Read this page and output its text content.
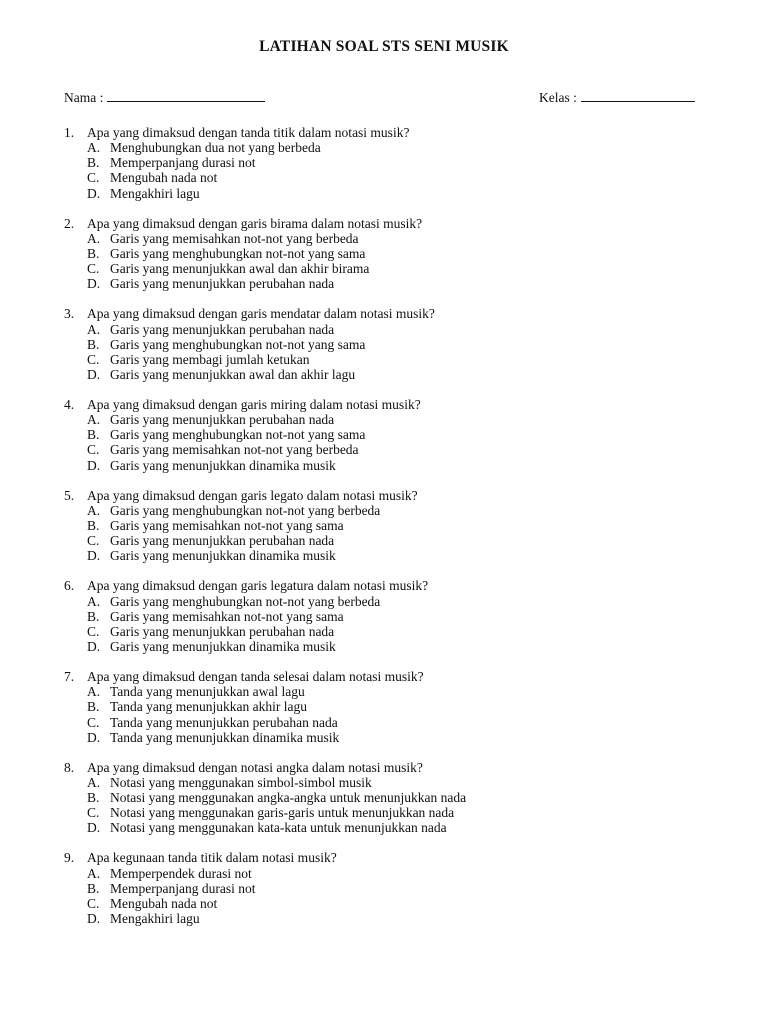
LATIHAN SOAL STS SENI MUSIK
Nama :	Kelas :
1. Apa yang dimaksud dengan tanda titik dalam notasi musik?
A. Menghubungkan dua not yang berbeda
B. Memperpanjang durasi not
C. Mengubah nada not
D. Mengakhiri lagu
2. Apa yang dimaksud dengan garis birama dalam notasi musik?
A. Garis yang memisahkan not-not yang berbeda
B. Garis yang menghubungkan not-not yang sama
C. Garis yang menunjukkan awal dan akhir birama
D. Garis yang menunjukkan perubahan nada
3. Apa yang dimaksud dengan garis mendatar dalam notasi musik?
A. Garis yang menunjukkan perubahan nada
B. Garis yang menghubungkan not-not yang sama
C. Garis yang membagi jumlah ketukan
D. Garis yang menunjukkan awal dan akhir lagu
4. Apa yang dimaksud dengan garis miring dalam notasi musik?
A. Garis yang menunjukkan perubahan nada
B. Garis yang menghubungkan not-not yang sama
C. Garis yang memisahkan not-not yang berbeda
D. Garis yang menunjukkan dinamika musik
5. Apa yang dimaksud dengan garis legato dalam notasi musik?
A. Garis yang menghubungkan not-not yang berbeda
B. Garis yang memisahkan not-not yang sama
C. Garis yang menunjukkan perubahan nada
D. Garis yang menunjukkan dinamika musik
6. Apa yang dimaksud dengan garis legatura dalam notasi musik?
A. Garis yang menghubungkan not-not yang berbeda
B. Garis yang memisahkan not-not yang sama
C. Garis yang menunjukkan perubahan nada
D. Garis yang menunjukkan dinamika musik
7. Apa yang dimaksud dengan tanda selesai dalam notasi musik?
A. Tanda yang menunjukkan awal lagu
B. Tanda yang menunjukkan akhir lagu
C. Tanda yang menunjukkan perubahan nada
D. Tanda yang menunjukkan dinamika musik
8. Apa yang dimaksud dengan notasi angka dalam notasi musik?
A. Notasi yang menggunakan simbol-simbol musik
B. Notasi yang menggunakan angka-angka untuk menunjukkan nada
C. Notasi yang menggunakan garis-garis untuk menunjukkan nada
D. Notasi yang menggunakan kata-kata untuk menunjukkan nada
9. Apa kegunaan tanda titik dalam notasi musik?
A. Memperpendek durasi not
B. Memperpanjang durasi not
C. Mengubah nada not
D. Mengakhiri lagu
